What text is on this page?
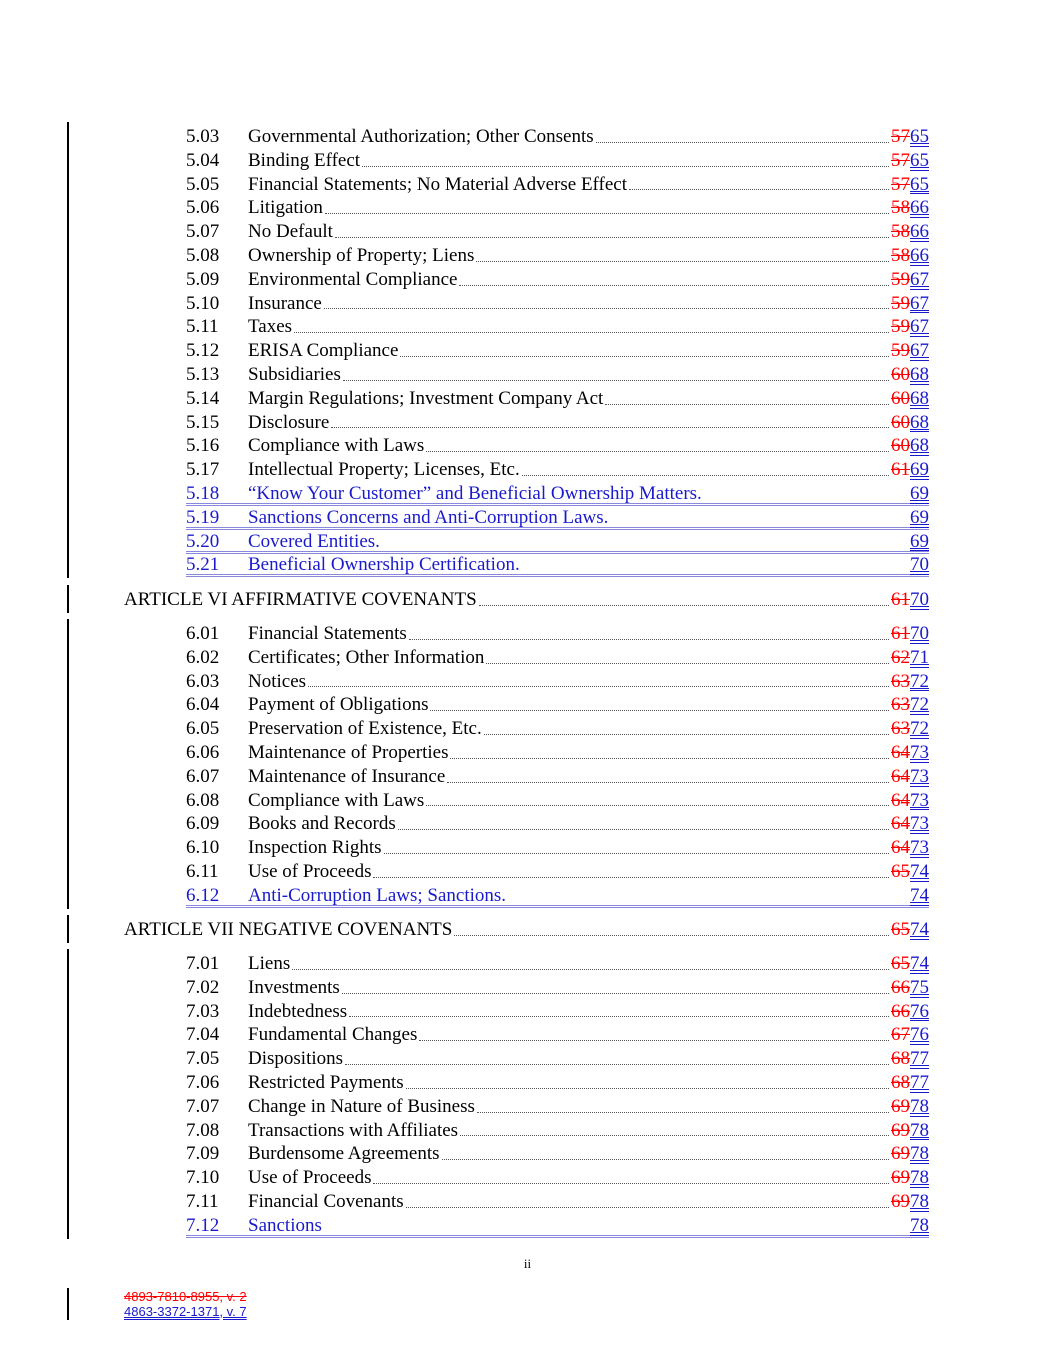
ii
4893-7810-8955, v. 2
4863-3372-1371, v. 7
5.03	Governmental Authorization; Other Consents	57 65
5.04	Binding Effect	57 65
5.05	Financial Statements; No Material Adverse Effect	57 65
5.06	Litigation	58 66
5.07	No Default	58 66
5.08	Ownership of Property; Liens	58 66
5.09	Environmental Compliance	59 67
5.10	Insurance	59 67
5.11	Taxes	59 67
5.12	ERISA Compliance	59 67
5.13	Subsidiaries	60 68
5.14	Margin Regulations; Investment Company Act	60 68
5.15	Disclosure	60 68
5.16	Compliance with Laws	60 68
5.17	Intellectual Property; Licenses, Etc.	61 69
5.18	“Know Your Customer” and Beneficial Ownership Matters.	69
5.19	Sanctions Concerns and Anti-Corruption Laws.	69
5.20	Covered Entities.	69
5.21	Beneficial Ownership Certification.	70
ARTICLE VI AFFIRMATIVE COVENANTS	61 70
6.01	Financial Statements	61 70
6.02	Certificates; Other Information	62 71
6.03	Notices	63 72
6.04	Payment of Obligations	63 72
6.05	Preservation of Existence, Etc.	63 72
6.06	Maintenance of Properties	64 73
6.07	Maintenance of Insurance	64 73
6.08	Compliance with Laws	64 73
6.09	Books and Records	64 73
6.10	Inspection Rights	64 73
6.11	Use of Proceeds	65 74
6.12	Anti-Corruption Laws; Sanctions.	74
ARTICLE VII NEGATIVE COVENANTS	65 74
7.01	Liens	65 74
7.02	Investments	66 75
7.03	Indebtedness	66 76
7.04	Fundamental Changes	67 76
7.05	Dispositions	68 77
7.06	Restricted Payments	68 77
7.07	Change in Nature of Business	69 78
7.08	Transactions with Affiliates	69 78
7.09	Burdensome Agreements	69 78
7.10	Use of Proceeds	69 78
7.11	Financial Covenants	69 78
7.12	Sanctions	78
